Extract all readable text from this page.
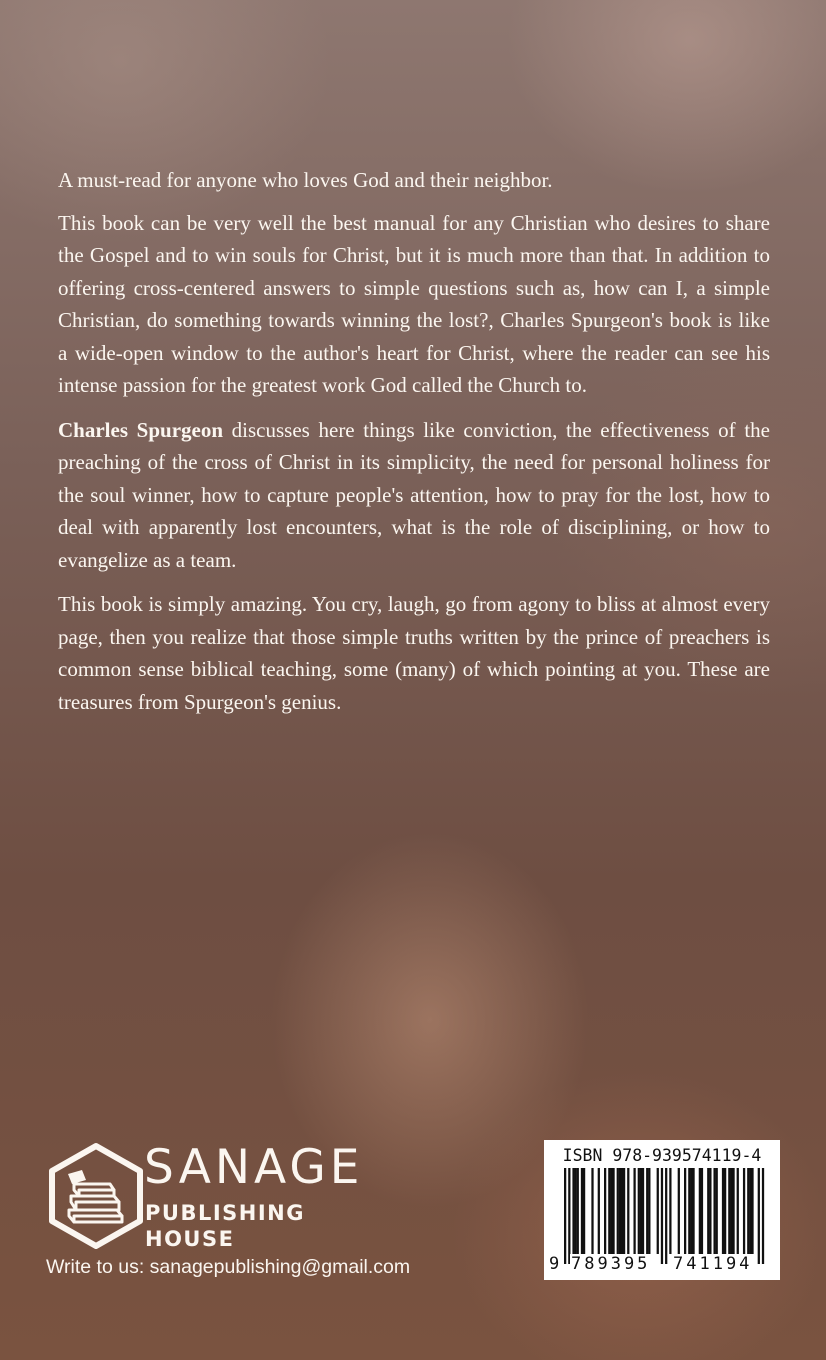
A must-read for anyone who loves God and their neighbor.

This book can be very well the best manual for any Christian who desires to share the Gospel and to win souls for Christ, but it is much more than that. In addition to offering cross-centered answers to simple questions such as, how can I, a simple Christian, do something towards winning the lost?, Charles Spurgeon's book is like a wide-open window to the author's heart for Christ, where the reader can see his intense passion for the greatest work God called the Church to.

Charles Spurgeon discusses here things like conviction, the effectiveness of the preaching of the cross of Christ in its simplicity, the need for personal holiness for the soul winner, how to capture people's attention, how to pray for the lost, how to deal with apparently lost encounters, what is the role of disciplining, or how to evangelize as a team.

This book is simply amazing. You cry, laugh, go from agony to bliss at almost every page, then you realize that those simple truths written by the prince of preachers is common sense biblical teaching, some (many) of which pointing at you. These are treasures from Spurgeon's genius.

SANAGE
PUBLISHING HOUSE
Write to us: sanagepublishing@gmail.com
ISBN 978-939574119-4
9 789395 741194
